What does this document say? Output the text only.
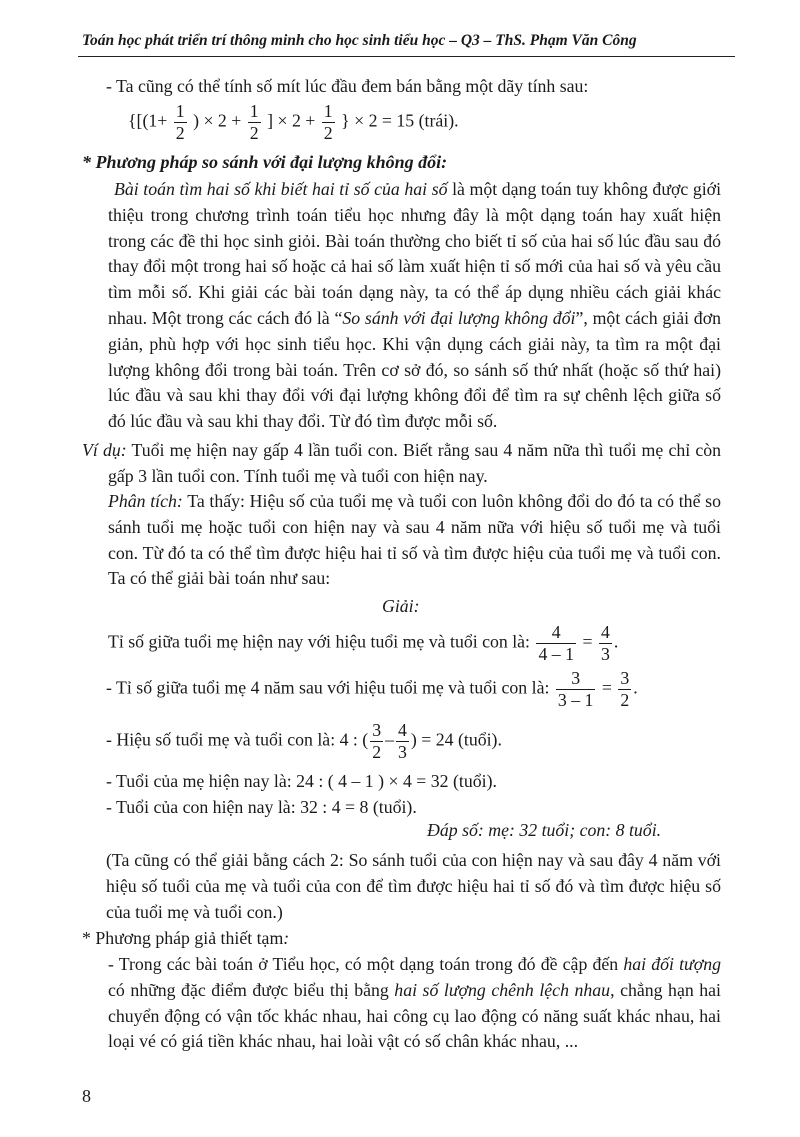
Toán học phát triển trí thông minh cho học sinh tiểu học – Q3 – ThS. Phạm Văn Công
- Ta cũng có thể tính số mít lúc đầu đem bán bằng một dãy tính sau:
{[($1+ \frac{1}{2}$ ) × $2 + \frac{1}{2}$ ] × $2 + \frac{1}{2}$ } × 2 = 15 (trái).
* Phương pháp so sánh với đại lượng không đổi:
Bài toán tìm hai số khi biết hai tỉ số của hai số là một dạng toán tuy không được giới thiệu trong chương trình toán tiểu học nhưng đây là một dạng toán hay xuất hiện trong các đề thi học sinh giỏi. Bài toán thường cho biết tỉ số của hai số lúc đầu sau đó thay đổi một trong hai số hoặc cả hai số làm xuất hiện tỉ số mới của hai số và yêu cầu tìm mỗi số. Khi giải các bài toán dạng này, ta có thể áp dụng nhiều cách giải khác nhau. Một trong các cách đó là “So sánh với đại lượng không đổi”, một cách giải đơn giản, phù hợp với học sinh tiểu học. Khi vận dụng cách giải này, ta tìm ra một đại lượng không đổi trong bài toán. Trên cơ sở đó, so sánh số thứ nhất (hoặc số thứ hai) lúc đầu và sau khi thay đổi với đại lượng không đổi để tìm ra sự chênh lệch giữa số đó lúc đầu và sau khi thay đổi. Từ đó tìm được mỗi số.
Ví dụ: Tuổi mẹ hiện nay gấp 4 lần tuổi con. Biết rằng sau 4 năm nữa thì tuổi mẹ chỉ còn gấp 3 lần tuổi con. Tính tuổi mẹ và tuổi con hiện nay.
Phân tích: Ta thấy: Hiệu số của tuổi mẹ và tuổi con luôn không đổi do đó ta có thể so sánh tuổi mẹ hoặc tuổi con hiện nay và sau 4 năm nữa với hiệu số tuổi mẹ và tuổi con. Từ đó ta có thể tìm được hiệu hai tỉ số và tìm được hiệu của tuổi mẹ và tuổi con. Ta có thể giải bài toán như sau:
Giải:
Tỉ số giữa tuổi mẹ hiện nay với hiệu tuổi mẹ và tuổi con là: $\frac{4}{4 - 1} = \frac{4}{3}$ .
- Tỉ số giữa tuổi mẹ 4 năm sau với hiệu tuổi mẹ và tuổi con là: $\frac{3}{3 - 1} = \frac{3}{2}$ .
- Hiệu số tuổi mẹ và tuổi con là: 4 : ( $\frac{3}{2} - \frac{4}{3}$ ) = 24 (tuổi).
- Tuổi của mẹ hiện nay là: 24 : ( 4 – 1 ) × 4 = 32 (tuổi).
- Tuổi của con hiện nay là: 32 : 4 = 8 (tuổi).
Đáp số: mẹ: 32 tuổi; con: 8 tuổi.
(Ta cũng có thể giải bằng cách 2: So sánh tuổi của con hiện nay và sau đây 4 năm với hiệu số tuổi của mẹ và tuổi của con để tìm được hiệu hai tỉ số đó và tìm được hiệu số của tuổi mẹ và tuổi con.)
* Phương pháp giả thiết tạm:
- Trong các bài toán ở Tiểu học, có một dạng toán trong đó đề cập đến hai đối tượng có những đặc điểm được biểu thị bằng hai số lượng chênh lệch nhau, chẳng hạn hai chuyển động có vận tốc khác nhau, hai công cụ lao động có năng suất khác nhau, hai loại vé có giá tiền khác nhau, hai loài vật có số chân khác nhau, ...
8
